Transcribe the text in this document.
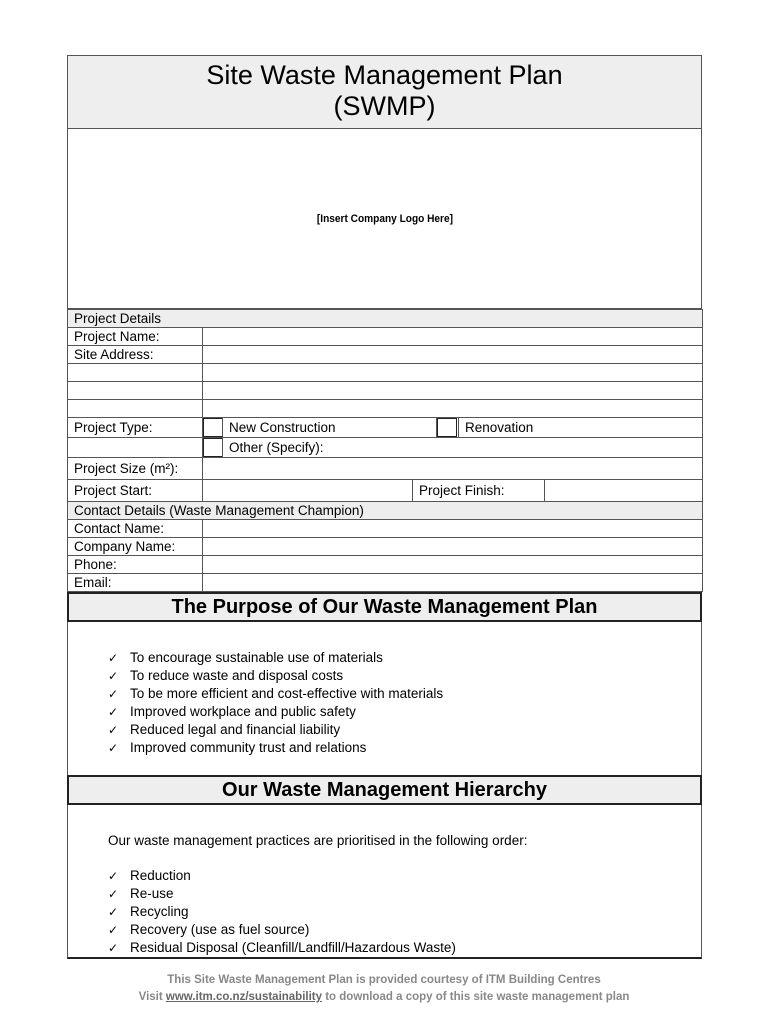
Site Waste Management Plan
(SWMP)
[Insert Company Logo Here]
Project Details						
Project Name:						
Site Address:						

Project Type:		New Construction			Renovation	

	Other (Specify):				
Project Size (m²):						
Project Start:			Project Finish:			
Contact Details (Waste Management Champion)						
Contact Name:						
Company Name:						
Phone:						
Email:						
The Purpose of Our Waste Management Plan
✓ To encourage sustainable use of materials
✓ To reduce waste and disposal costs
✓ To be more efficient and cost-effective with materials
✓ Improved workplace and public safety
✓ Reduced legal and financial liability
✓ Improved community trust and relations
Our Waste Management Hierarchy
Our waste management practices are prioritised in the following order:
✓ Reduction
✓ Re-use
✓ Recycling
✓ Recovery (use as fuel source)
✓ Residual Disposal (Cleanfill/Landfill/Hazardous Waste)
This Site Waste Management Plan is provided courtesy of ITM Building Centres
Visit www.itm.co.nz/sustainability to download a copy of this site waste management plan
